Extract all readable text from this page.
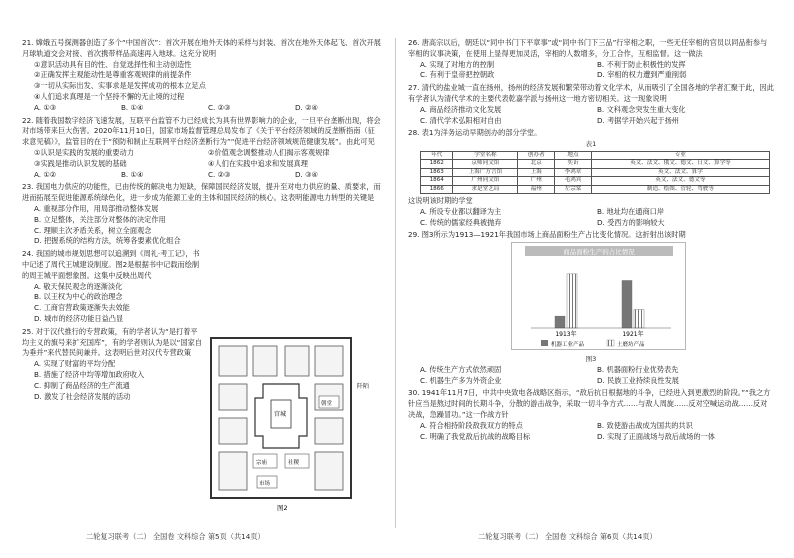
21. 嫦娥五号探测器创造了多个“中国首次”：首次开展在地外天体的采样与封装、首次在地外天体起飞、首次开展月球轨道交会对接、首次携带样品高速再入地球。这充分说明
①意识活动具有目的性、自觉选择性和主动创造性
②正确发挥主观能动性是尊重客观规律的前提条件
③一切从实际出发、实事求是是发挥成功的根本立足点
④人们追求真理是一个坚持不懈的无止境的过程
A. ①③	B. ①④	C. ②③	D. ②④
22. 随着我国数字经济飞速发展，互联平台监管不力已经成长为具有世界影响力的企业，一旦平台垄断出现，将会对市场带来巨大伤害。2020年11月10日，国家市场监督管理总局发布了《关于平台经济领域的反垄断指南（征求意见稿）》，监管目的在于“预防和制止互联网平台经济垄断行为”“促进平台经济领域规范健康发展”。由此可见
①认识是实践的发展的重要动力	②价值观念调整推动人们揭示客观规律
③实践是推动认识发展的基础	④人们在实践中追求和发展真理
A. ①②	B. ①④	C. ②③	D. ③④
23. 我国电力供应的功能性，已由传统的解决电力短缺，保障国民经济发展，提升至对电力供应的量、质要求，而进而拓展至促进能源系统绿色化，进一步成为能源工业的主体和国民经济的核心。这表明能源电力转型的关键是
A. 重视部分作用，用局部推动整体发展
B. 立足整体，关注部分对整体的决定作用
C. 理顺主次矛盾关系，树立全面观念
D. 把握系统的结构方法，统筹各要素优化组合
24. 我国的城市规划思想可以追溯到《周礼·考工记》，书中记述了周代王城建设制度。图2是根据书中记载而绘制的周王城平面想象图。这集中反映出周代
A. 敬天保民观念的逐渐淡化
B. 以王权为中心的政治理念
C. 工商官营政策逐渐失去效能
D. 城市的经济功能日益凸显
25. 对于汉代推行的专营政策，有的学者认为“是打着平均主义的旗号来扩充国库”，有的学者则认为是以“国家自为垂并”来代替民间兼并。这表明后世对汉代专营政策
A. 实现了财富的平均分配
B. 措施了经济中均等增加政府收入
C. 抑制了商品经济的生产流通
D. 激发了社会经济发展的活动
宫城
宗庙	社稷
市场
朝堂
阡陌
图2
26. 唐高宗以后，朝廷以“同中书门下平章事”或“同中书门下三品”行宰相之职，一些无任宰相的官员以同品衔参与宰相的议事决策，在使用上显得更加灵活，宰相的人数增多，分工合作，互相监督。这一做法
A. 实现了对地方的控制	B. 不利于防止积极性的发挥
C. 有利于皇帝把控朝政	D. 宰相的权力遭到严重削弱
27. 清代的盐业城一直在扬州，扬州的经济发展和繁荣带动着文化学术，从而吸引了全国各地的学者汇聚于此，因此有学者认为清代学术的主要代表乾嘉学派与扬州这一地方密切相关。这一现象说明
A. 商品经济推动文化发展	B. 文科观念突发生重大变化
C. 清代学术弘阳相对自由	D. 考据学开始兴起于扬州
28. 表1为洋务运动早期创办的部分学堂。
表1
年代	学堂名称	创办者	地点	专业
1862	京师同文馆	北京	奕䜣	英文、法文、俄文、德文、日文、算学等
1863	上海广方言馆	上海	李鸿章	英文、法文、算学
1864	广州同文馆	广州	毛鸿宾	英文、法文、德文等
1866	求是堂艺局	福州	左宗棠	制造、绘图、管轮、驾驶等
这说明该时期的学堂
A. 所设专业都以翻译为主	B. 地址均在通商口岸
C. 传统的儒家经典被抛弃	D. 受西方的影响较大
29. 图3所示为1913—1921年我国市场上商品面粉生产占比变化情况。这折射出该时期
商品面粉生产的占比情况
1913年	1921年
机器工业产品	土磨坊产品
图3
A. 传统生产方式依然顽固	B. 机器面粉行业优势表先
C. 机器生产多为外资企业	D. 民族工业持续良性发展
30. 1941年11月7日，中共中央致电各战略区指示，“敌后抗日根据地的斗争，已经进入到更激烈的阶段。”“我之方针应当是熬过时间的长期斗争，分散的游击战争，采取一切斗争方式……与敌人周旋……反对空喊运动战……反对决战，急躁冒功。”这一作战方针
A. 符合相持阶段敌我双方的特点	B. 致使游击战成为国共的共识
C. 明确了我党敌后抗战的战略目标	D. 实现了正面战场与敌后战场的一体
二轮复习联考（二） 全国卷 文科综合 第5页（共14页）	二轮复习联考（二） 全国卷 文科综合 第6页（共14页）
